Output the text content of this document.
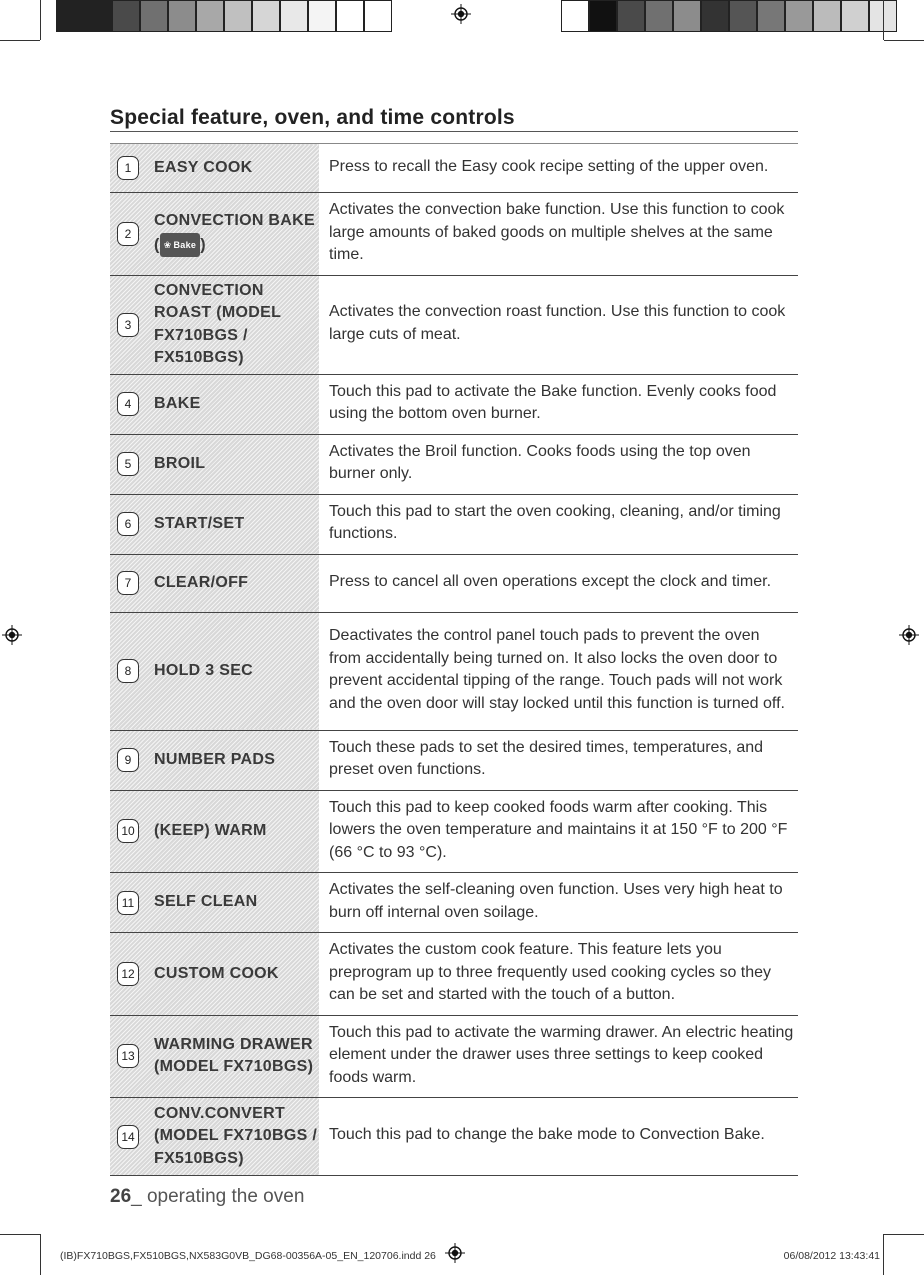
Special feature, oven, and time controls
1 EASY COOK	Press to recall the Easy cook recipe setting of the upper oven.

2
CONVECTION BAKE ( ❀ Bake )	Activates the convection bake function. Use this function to cook large amounts of baked goods on multiple shelves at the same time.

3
CONVECTION ROAST (MODEL FX710BGS / FX510BGS)	Activates the convection roast function. Use this function to cook large cuts of meat.

4 BAKE	Touch this pad to activate the Bake function. Evenly cooks food using the bottom oven burner.

5 BROIL	Activates the Broil function. Cooks foods using the top oven burner only.

6 START/SET	Touch this pad to start the oven cooking, cleaning, and/or timing functions.

7 CLEAR/OFF	Press to cancel all oven operations except the clock and timer.

8 HOLD 3 SEC	Deactivates the control panel touch pads to prevent the oven from accidentally being turned on. It also locks the oven door to prevent accidental tipping of the range. Touch pads will not work and the oven door will stay locked until this function is turned off.

9 NUMBER PADS	Touch these pads to set the desired times, temperatures, and preset oven functions.

10 (KEEP) WARM	Touch this pad to keep cooked foods warm after cooking. This lowers the oven temperature and maintains it at 150 °F to 200 °F (66 °C to 93 °C).

11 SELF CLEAN	Activates the self-cleaning oven function. Uses very high heat to burn off internal oven soilage.

12 CUSTOM COOK	Activates the custom cook feature. This feature lets you preprogram up to three frequently used cooking cycles so they can be set and started with the touch of a button.

13
WARMING DRAWER (MODEL FX710BGS)	Touch this pad to activate the warming drawer. An electric heating element under the drawer uses three settings to keep cooked foods warm.

14
CONV.CONVERT (MODEL FX710BGS / FX510BGS)	Touch this pad to change the bake mode to Convection Bake.

26_ operating the oven

(IB)FX710BGS,FX510BGS,NX583G0VB_DG68-00356A-05_EN_120706.indd 26	06/08/2012 13:43:41
